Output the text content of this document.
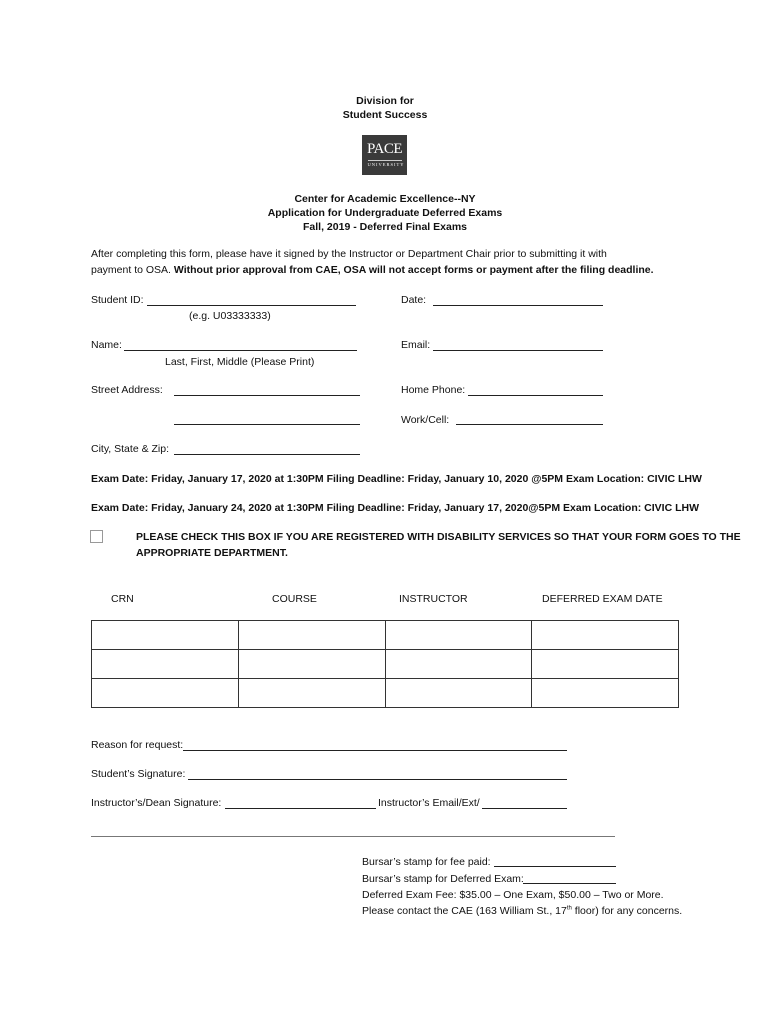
Division for
Student Success
PACE
UNIVERSITY
Center for Academic Excellence--NY
Application for Undergraduate Deferred Exams
Fall, 2019 - Deferred Final Exams
After completing this form, please have it signed by the Instructor or Department Chair prior to submitting it with
payment to OSA. Without prior approval from CAE, OSA will not accept forms or payment after the filing deadline.
Student ID:
(e.g. U03333333)
Date:
Name:
Last, First, Middle (Please Print)
Email:
Street Address:	Home Phone:
Work/Cell:
City, State & Zip:
Exam Date: Friday, January 17, 2020 at 1:30PM Filing Deadline: Friday, January 10, 2020 @5PM Exam Location: CIVIC LHW
Exam Date: Friday, January 24, 2020 at 1:30PM Filing Deadline: Friday, January 17, 2020@5PM Exam Location: CIVIC LHW
PLEASE CHECK THIS BOX IF YOU ARE REGISTERED WITH DISABILITY SERVICES SO THAT YOUR FORM GOES TO THE
APPROPRIATE DEPARTMENT.
CRN	COURSE	INSTRUCTOR	DEFERRED EXAM DATE

Reason for request:
Student’s Signature:
Instructor’s/Dean Signature:	Instructor’s Email/Ext/
Bursar’s stamp for fee paid:
Bursar’s stamp for Deferred Exam:
Deferred Exam Fee: $35.00 – One Exam, $50.00 – Two or More.
Please contact the CAE (163 William St., 17th floor) for any concerns.
